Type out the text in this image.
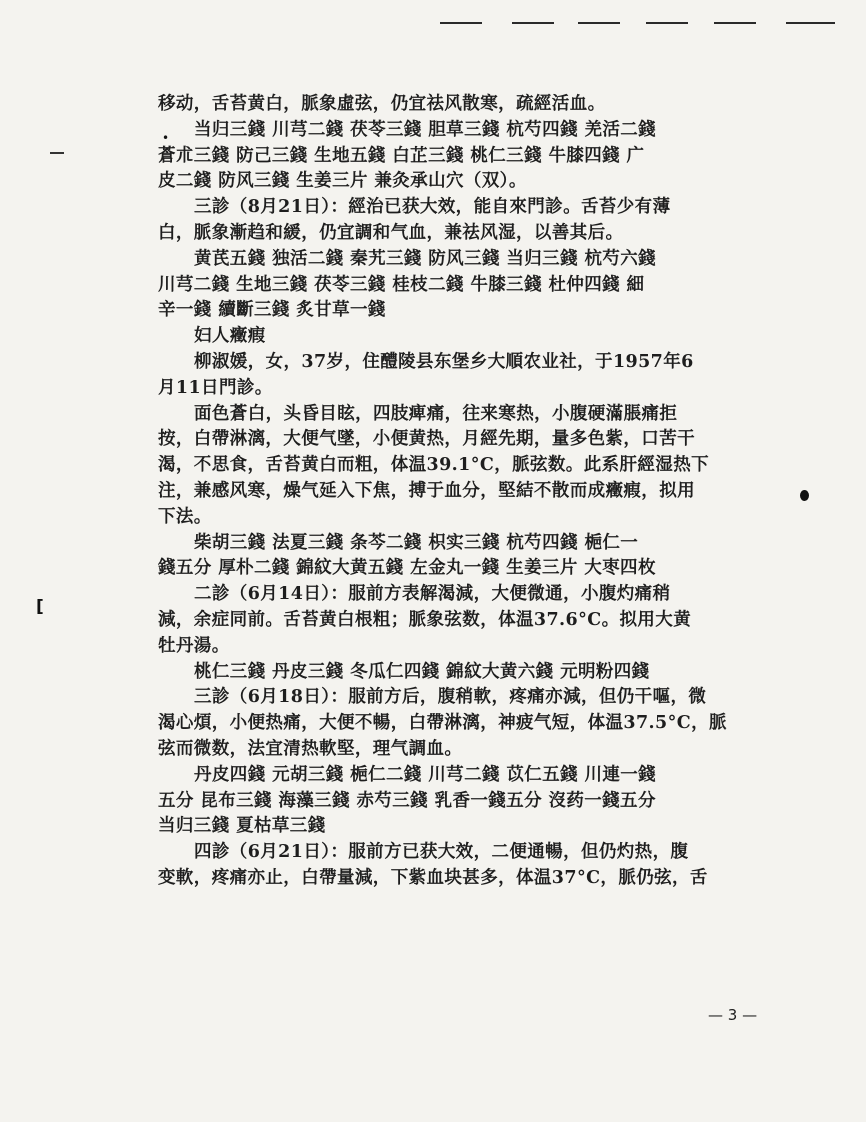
•
[
移动，舌苔黄白，脈象虛弦，仍宜祛风散寒，疏經活血。
当归三錢 川芎二錢 茯苓三錢 胆草三錢 杭芍四錢 羌活二錢
蒼朮三錢 防己三錢 生地五錢 白芷三錢 桃仁三錢 牛膝四錢 广
皮二錢 防风三錢 生姜三片 兼灸承山穴（双）。
三診（8月21日）：經治已获大效，能自來門診。舌苔少有薄
白，脈象漸趋和緩，仍宜調和气血，兼祛风湿，以善其后。
黄芪五錢 独活二錢 秦艽三錢 防风三錢 当归三錢 杭芍六錢
川芎二錢 生地三錢 茯苓三錢 桂枝二錢 牛膝三錢 杜仲四錢 細
辛一錢 續斷三錢 炙甘草一錢
妇人癥瘕
柳淑媛，女，37岁，住醴陵县东堡乡大順农业社，于1957年6
月11日門診。
面色蒼白，头昏目眩，四肢痺痛，往来寒热，小腹硬滿脹痛拒
按，白帶淋漓，大便气墜，小便黄热，月經先期，量多色紫，口苦干
渴，不思食，舌苔黄白而粗，体温39.1°C，脈弦数。此系肝經湿热下
注，兼感风寒，燥气延入下焦，搏于血分，堅結不散而成癥瘕，拟用
下法。
柴胡三錢 法夏三錢 条芩二錢 枳实三錢 杭芍四錢 梔仁一
錢五分 厚朴二錢 錦紋大黄五錢 左金丸一錢 生姜三片 大枣四枚
二診（6月14日）：服前方表解渴減，大便微通，小腹灼痛稍
減，余症同前。舌苔黄白根粗；脈象弦数，体温37.6°C。拟用大黄
牡丹湯。
桃仁三錢 丹皮三錢 冬瓜仁四錢 錦紋大黄六錢 元明粉四錢
三診（6月18日）：服前方后，腹稍軟，疼痛亦減，但仍干嘔，微
渴心煩，小便热痛，大便不暢，白帶淋漓，神疲气短，体温37.5°C，脈
弦而微数，法宜清热軟堅，理气調血。
丹皮四錢 元胡三錢 梔仁二錢 川芎二錢 苡仁五錢 川連一錢
五分 昆布三錢 海藻三錢 赤芍三錢 乳香一錢五分 沒药一錢五分
当归三錢 夏枯草三錢
四診（6月21日）：服前方已获大效，二便通暢，但仍灼热，腹
变軟，疼痛亦止，白帶量減，下紫血块甚多，体温37°C，脈仍弦，舌
— 3 —
